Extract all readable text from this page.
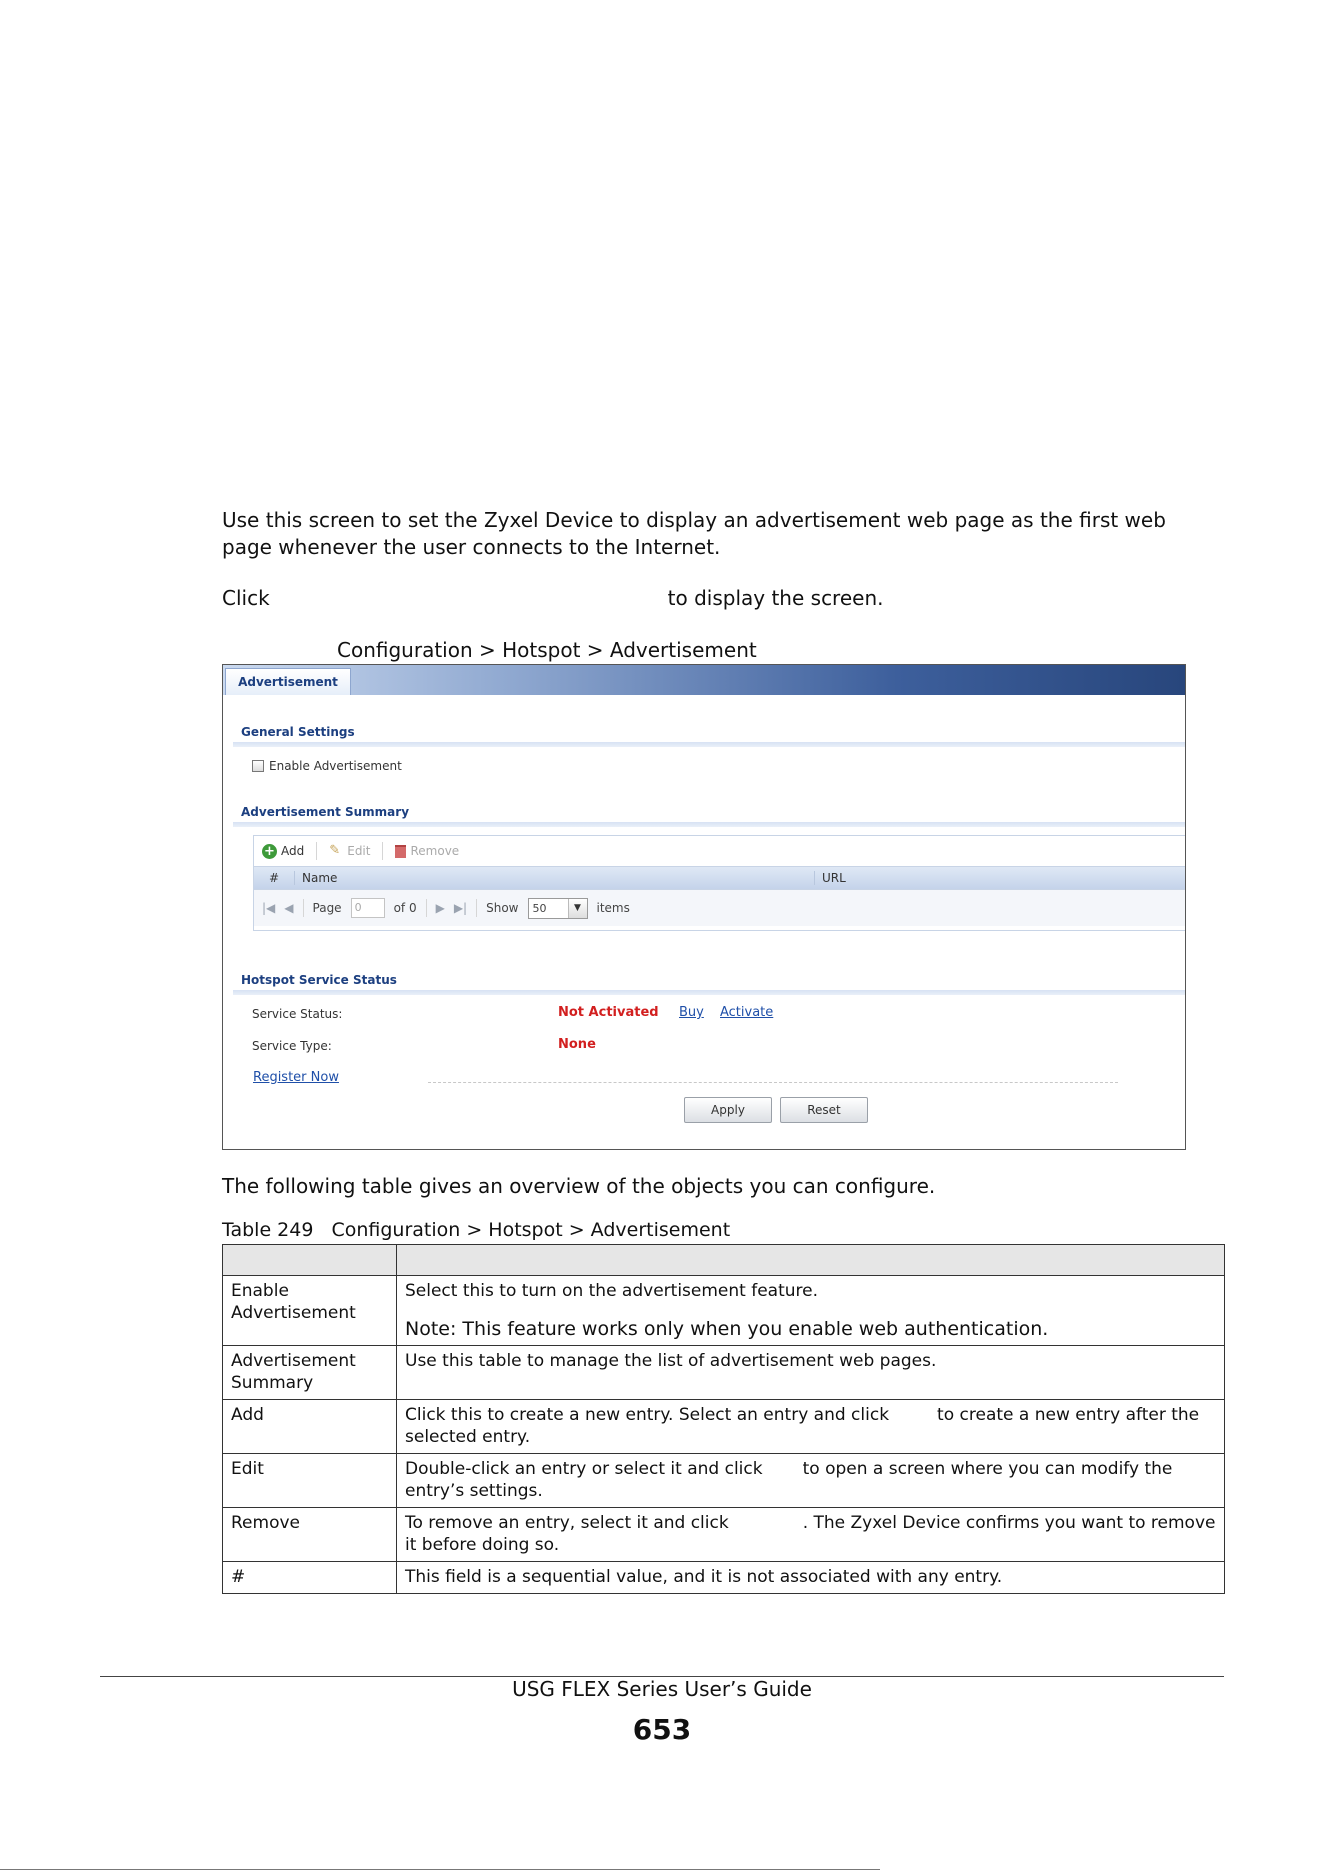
Use this screen to set the Zyxel Device to display an advertisement web page as the first web page whenever the user connects to the Internet.

Click	to display the screen.

Configuration > Hotspot > Advertisement

Advertisement
General Settings
Enable Advertisement
Advertisement Summary
+ Add ✎ Edit	Remove
#	Name	URL
|◀ ◀ Page	0	of 0 ▶ ▶| Show	50	▼	items
Hotspot Service Status
Service Status:	Not Activated Buy Activate
Service Type:	None
Register Now
Apply	Reset

The following table gives an overview of the objects you can configure.

Table 249 Configuration > Hotspot > Advertisement

Enable Advertisement	Select this to turn on the advertisement feature.
Note: This feature works only when you enable web authentication.

Advertisement Summary	Use this table to manage the list of advertisement web pages.
Add	Click this to create a new entry. Select an entry and click to create a new entry after the selected entry.
Edit	Double-click an entry or select it and click to open a screen where you can modify the entry’s settings.
Remove	To remove an entry, select it and click . The Zyxel Device confirms you want to remove it before doing so.
#	This field is a sequential value, and it is not associated with any entry.
USG FLEX Series User’s Guide
653
